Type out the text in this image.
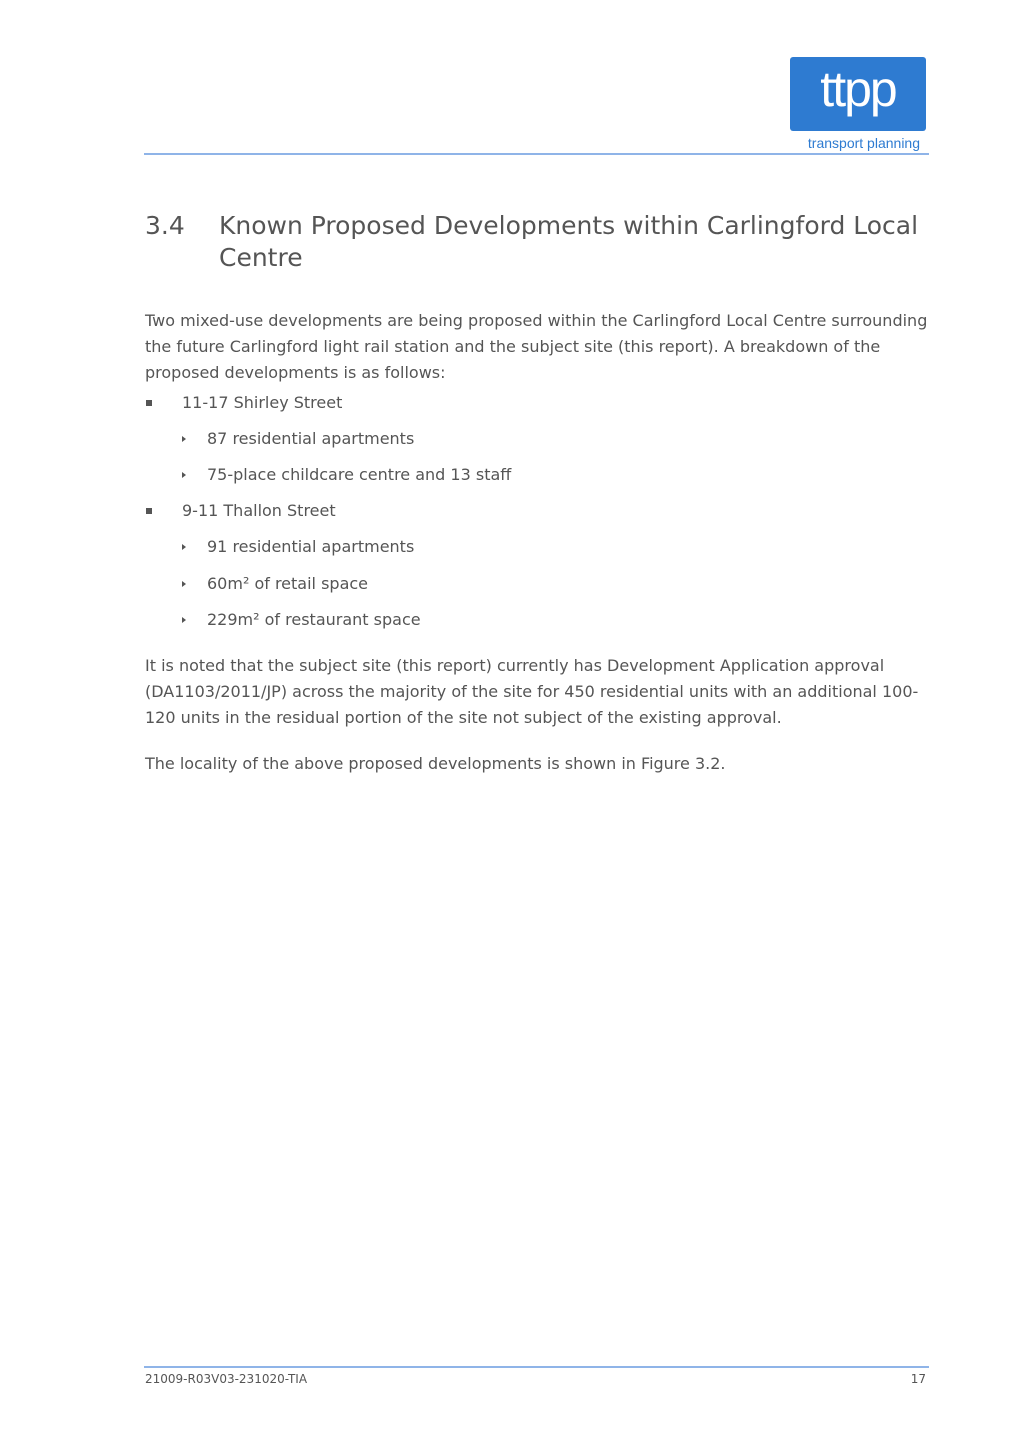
ttpp
transport planning
3.4	Known Proposed Developments within Carlingford Local Centre

Two mixed-use developments are being proposed within the Carlingford Local Centre surrounding the future Carlingford light rail station and the subject site (this report). A breakdown of the proposed developments is as follows:

11-17 Shirley Street
87 residential apartments
75-place childcare centre and 13 staff
9-11 Thallon Street
91 residential apartments
60m² of retail space
229m² of restaurant space

It is noted that the subject site (this report) currently has Development Application approval (DA1103/2011/JP) across the majority of the site for 450 residential units with an additional 100-120 units in the residual portion of the site not subject of the existing approval.

The locality of the above proposed developments is shown in Figure 3.2.

21009-R03V03-231020-TIA	17
